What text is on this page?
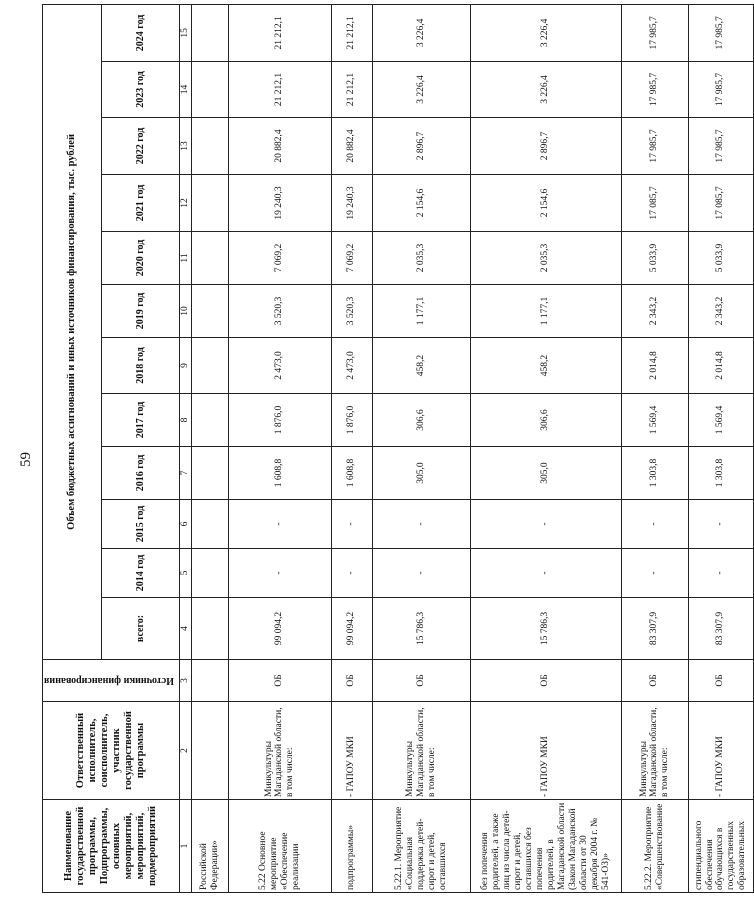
59
Наименование государственной программы, Подпрограммы, основных мероприятий, мероприятий, подмероприятий	Ответственный исполнитель, соисполнитель, участник государственной программы	Источники финансирования	Объем бюджетных ассигнований и иных источников финансирования, тыс. рублей											
			всего:	2014 год	2015 год	2016 год	2017 год	2018 год	2019 год	2020 год	2021 год	2022 год	2023 год	2024 год
1	2	3	4	5	6	7	8	9	10	11	12	13	14	15
Российской Федерации»														
5.22 Основное мероприятие «Обеспечение реализации	Минкультуры Магаданской области, в том числе:	ОБ	99 094,2	-	-	1 608,8	1 876,0	2 473,0	3 520,3	7 069,2	19 240,3	20 882,4	21 212,1	21 212,1
подпрограммы»	- ГАПОУ МКИ	ОБ	99 094,2	-	-	1 608,8	1 876,0	2 473,0	3 520,3	7 069,2	19 240,3	20 882,4	21 212,1	21 212,1
5.22.1. Мероприятие «Социальная поддержка детей-сирот и детей, оставшихся	Минкультуры Магаданской области, в том числе:	ОБ	15 786,3	-	-	305,0	306,6	458,2	1 177,1	2 035,3	2 154,6	2 896,7	3 226,4	3 226,4
без попечения родителей, а также лиц из числа детей-сирот и детей, оставшихся без попечения родителей, в Магаданской области (Закон Магаданской области от 30 декабря 2004 г. № 541-ОЗ)»	- ГАПОУ МКИ	ОБ	15 786,3	-	-	305,0	306,6	458,2	1 177,1	2 035,3	2 154,6	2 896,7	3 226,4	3 226,4
5.22.2. Мероприятие «Совершенствование	Минкультуры Магаданской области, в том числе:	ОБ	83 307,9	-	-	1 303,8	1 569,4	2 014,8	2 343,2	5 033,9	17 085,7	17 985,7	17 985,7	17 985,7
стипендиального обеспечения обучающихся в государственных образовательных	- ГАПОУ МКИ	ОБ	83 307,9	-	-	1 303,8	1 569,4	2 014,8	2 343,2	5 033,9	17 085,7	17 985,7	17 985,7	17 985,7
